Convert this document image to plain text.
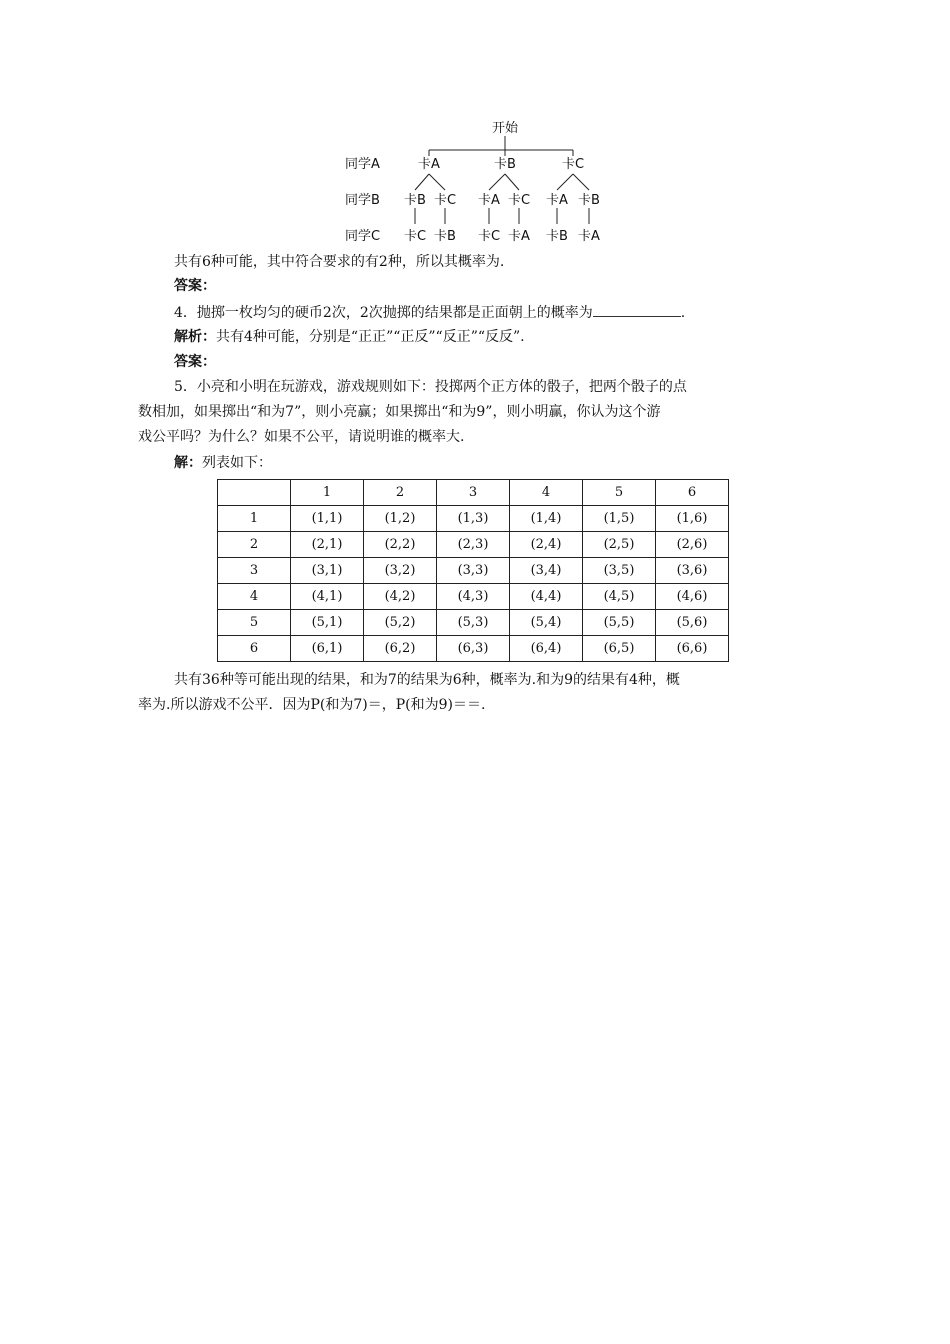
开始
同学A
同学B
同学C
卡A	卡B	卡C
卡B 卡C 卡A 卡C 卡A 卡B
卡C 卡B 卡C 卡A 卡B 卡A
共有6种可能，其中符合要求的有2种，所以其概率为.
答案：
4．抛掷一枚均匀的硬币2次，2次抛掷的结果都是正面朝上的概率为	.
解析：共有4种可能，分别是“正正”“正反”“反正”“反反”.
答案：
5．小亮和小明在玩游戏，游戏规则如下：投掷两个正方体的骰子，把两个骰子的点
数相加，如果掷出“和为7”，则小亮赢；如果掷出“和为9”，则小明赢，你认为这个游
戏公平吗？为什么？如果不公平，请说明谁的概率大.
解：列表如下：
	1	2	3	4	5	6
1	(1,1)	(1,2)	(1,3)	(1,4)	(1,5)	(1,6)
2	(2,1)	(2,2)	(2,3)	(2,4)	(2,5)	(2,6)
3	(3,1)	(3,2)	(3,3)	(3,4)	(3,5)	(3,6)
4	(4,1)	(4,2)	(4,3)	(4,4)	(4,5)	(4,6)
5	(5,1)	(5,2)	(5,3)	(5,4)	(5,5)	(5,6)
6	(6,1)	(6,2)	(6,3)	(6,4)	(6,5)	(6,6)
共有36种等可能出现的结果，和为7的结果为6种，概率为.和为9的结果有4种，概
率为.所以游戏不公平．因为P(和为7)＝，P(和为9)＝＝.
